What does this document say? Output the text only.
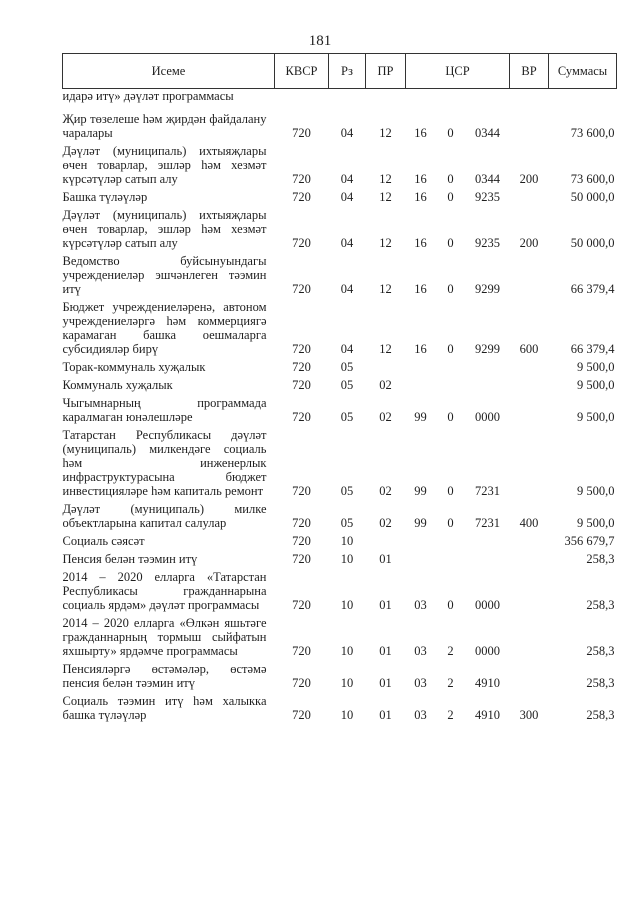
181
Исеме	КВСР	Рз	ПР	ЦСР			ВР	Суммасы
идарә итү» дәүләт программасы								
Җир төзелеше һәм җирдән файдалану чаралары	720	04	12	16	0	0344		73 600,0
Дәүләт (муниципаль) ихтыяҗлары өчен товарлар, эшләр һәм хезмәт күрсәтүләр сатып алу	720	04	12	16	0	0344	200	73 600,0
Башка түләүләр	720	04	12	16	0	9235		50 000,0
Дәүләт (муниципаль) ихтыяҗлары өчен товарлар, эшләр һәм хезмәт күрсәтүләр сатып алу	720	04	12	16	0	9235	200	50 000,0
Ведомство буйсынуындагы учреждениеләр эшчәнлеген тәэмин итү	720	04	12	16	0	9299		66 379,4
Бюджет учреждениеләренә, автоном учреждениеләргә һәм коммерциягә карамаган башка оешмаларга субсидияләр бирү	720	04	12	16	0	9299	600	66 379,4
Торак-коммуналь хуҗалык	720	05						9 500,0
Коммуналь хуҗалык	720	05	02					9 500,0
Чыгымнарның программада каралмаган юнәлешләре	720	05	02	99	0	0000		9 500,0
Татарстан Республикасы дәүләт (муниципаль) милкендәге социаль һәм инженерлык инфраструктурасына бюджет инвестицияләре һәм капиталь ремонт	720	05	02	99	0	7231		9 500,0
Дәүләт (муниципаль) милке объектларына капитал салулар	720	05	02	99	0	7231	400	9 500,0
Социаль сәясәт	720	10						356 679,7
Пенсия белән тәэмин итү	720	10	01					258,3
2014 – 2020 елларга «Татарстан Республикасы гражданнарына социаль ярдәм» дәүләт программасы	720	10	01	03	0	0000		258,3
2014 – 2020 елларга «Өлкән яшьтәге гражданнарның тормыш сыйфатын яхшырту» ярдәмче программасы	720	10	01	03	2	0000		258,3
Пенсияләргә өстәмәләр, өстәмә пенсия белән тәэмин итү	720	10	01	03	2	4910		258,3
Социаль тәэмин итү һәм халыкка башка түләүләр	720	10	01	03	2	4910	300	258,3
